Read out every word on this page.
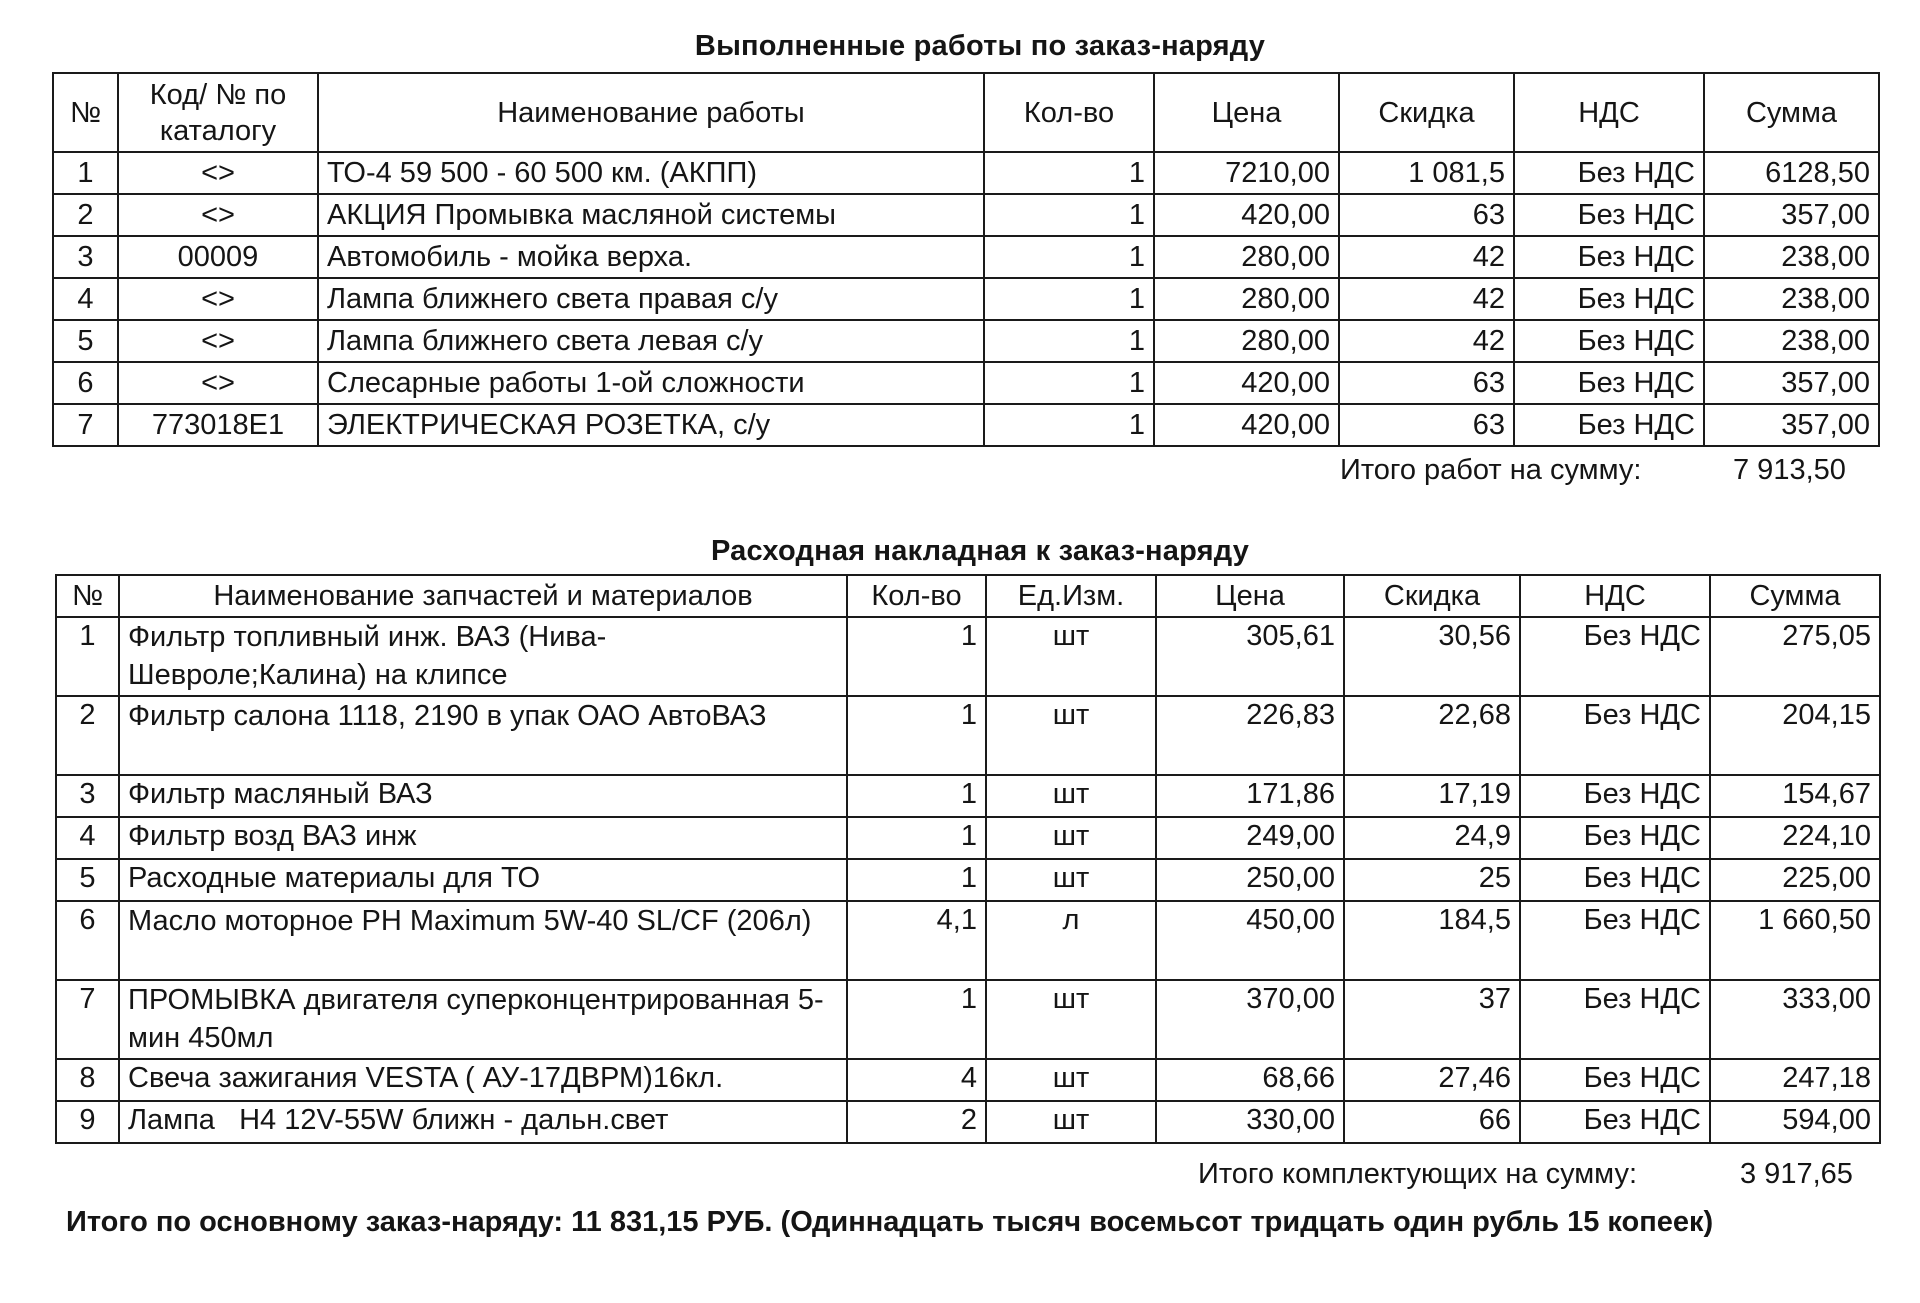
Выполненные работы по заказ-наряду
№	Код/ № по каталогу	Наименование работы	Кол-во	Цена	Скидка	НДС	Сумма
1	<>	ТО-4 59 500 - 60 500 км. (АКПП)	1	7210,00	1 081,5	Без НДС	6128,50
2	<>	АКЦИЯ Промывка масляной системы	1	420,00	63	Без НДС	357,00
3	00009	Автомобиль - мойка верха.	1	280,00	42	Без НДС	238,00
4	<>	Лампа ближнего света правая с/у	1	280,00	42	Без НДС	238,00
5	<>	Лампа ближнего света левая с/у	1	280,00	42	Без НДС	238,00
6	<>	Слесарные работы 1-ой сложности	1	420,00	63	Без НДС	357,00
7	773018E1	ЭЛЕКТРИЧЕСКАЯ РОЗЕТКА, с/у	1	420,00	63	Без НДС	357,00
Итого работ на сумму:	7 913,50
Расходная накладная к заказ-наряду
№	Наименование запчастей и материалов	Кол-во	Ед.Изм.	Цена	Скидка	НДС	Сумма
1	Фильтр топливный инж. ВАЗ (Нива-Шевроле;Калина) на клипсе	1	шт	305,61	30,56	Без НДС	275,05
2	Фильтр салона 1118, 2190 в упак ОАО АвтоВАЗ	1	шт	226,83	22,68	Без НДС	204,15
3	Фильтр масляный ВАЗ	1	шт	171,86	17,19	Без НДС	154,67
4	Фильтр возд ВАЗ инж	1	шт	249,00	24,9	Без НДС	224,10
5	Расходные материалы для ТО	1	шт	250,00	25	Без НДС	225,00
6	Масло моторное PH Maximum 5W-40 SL/CF (206л)	4,1	л	450,00	184,5	Без НДС	1 660,50
7	ПРОМЫВКА двигателя суперконцентрированная 5-мин 450мл	1	шт	370,00	37	Без НДС	333,00
8	Свеча зажигания VESTA ( АУ-17ДВРМ)16кл.	4	шт	68,66	27,46	Без НДС	247,18
9	Лампа   H4 12V-55W ближн - дальн.свет	2	шт	330,00	66	Без НДС	594,00
Итого комплектующих на сумму:	3 917,65
Итого по основному заказ-наряду: 11 831,15 РУБ. (Одиннадцать тысяч восемьсот тридцать один рубль 15 копеек)
